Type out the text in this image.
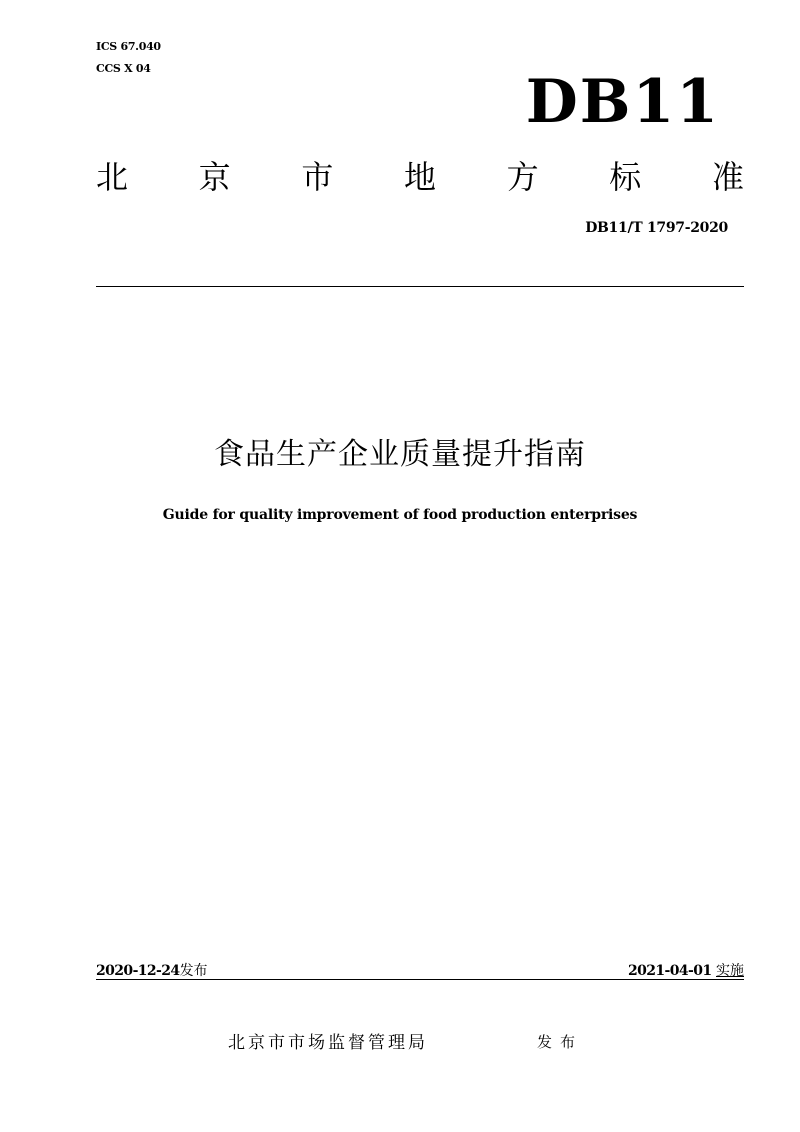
ICS 67.040
CCS X 04	DB11
北 京 市 地 方 标 准
DB11/T 1797-2020
食品生产企业质量提升指南
Guide for quality improvement of food production enterprises
2020-12-24发布	2021-04-01 实施
北京市市场监督管理局	发布
